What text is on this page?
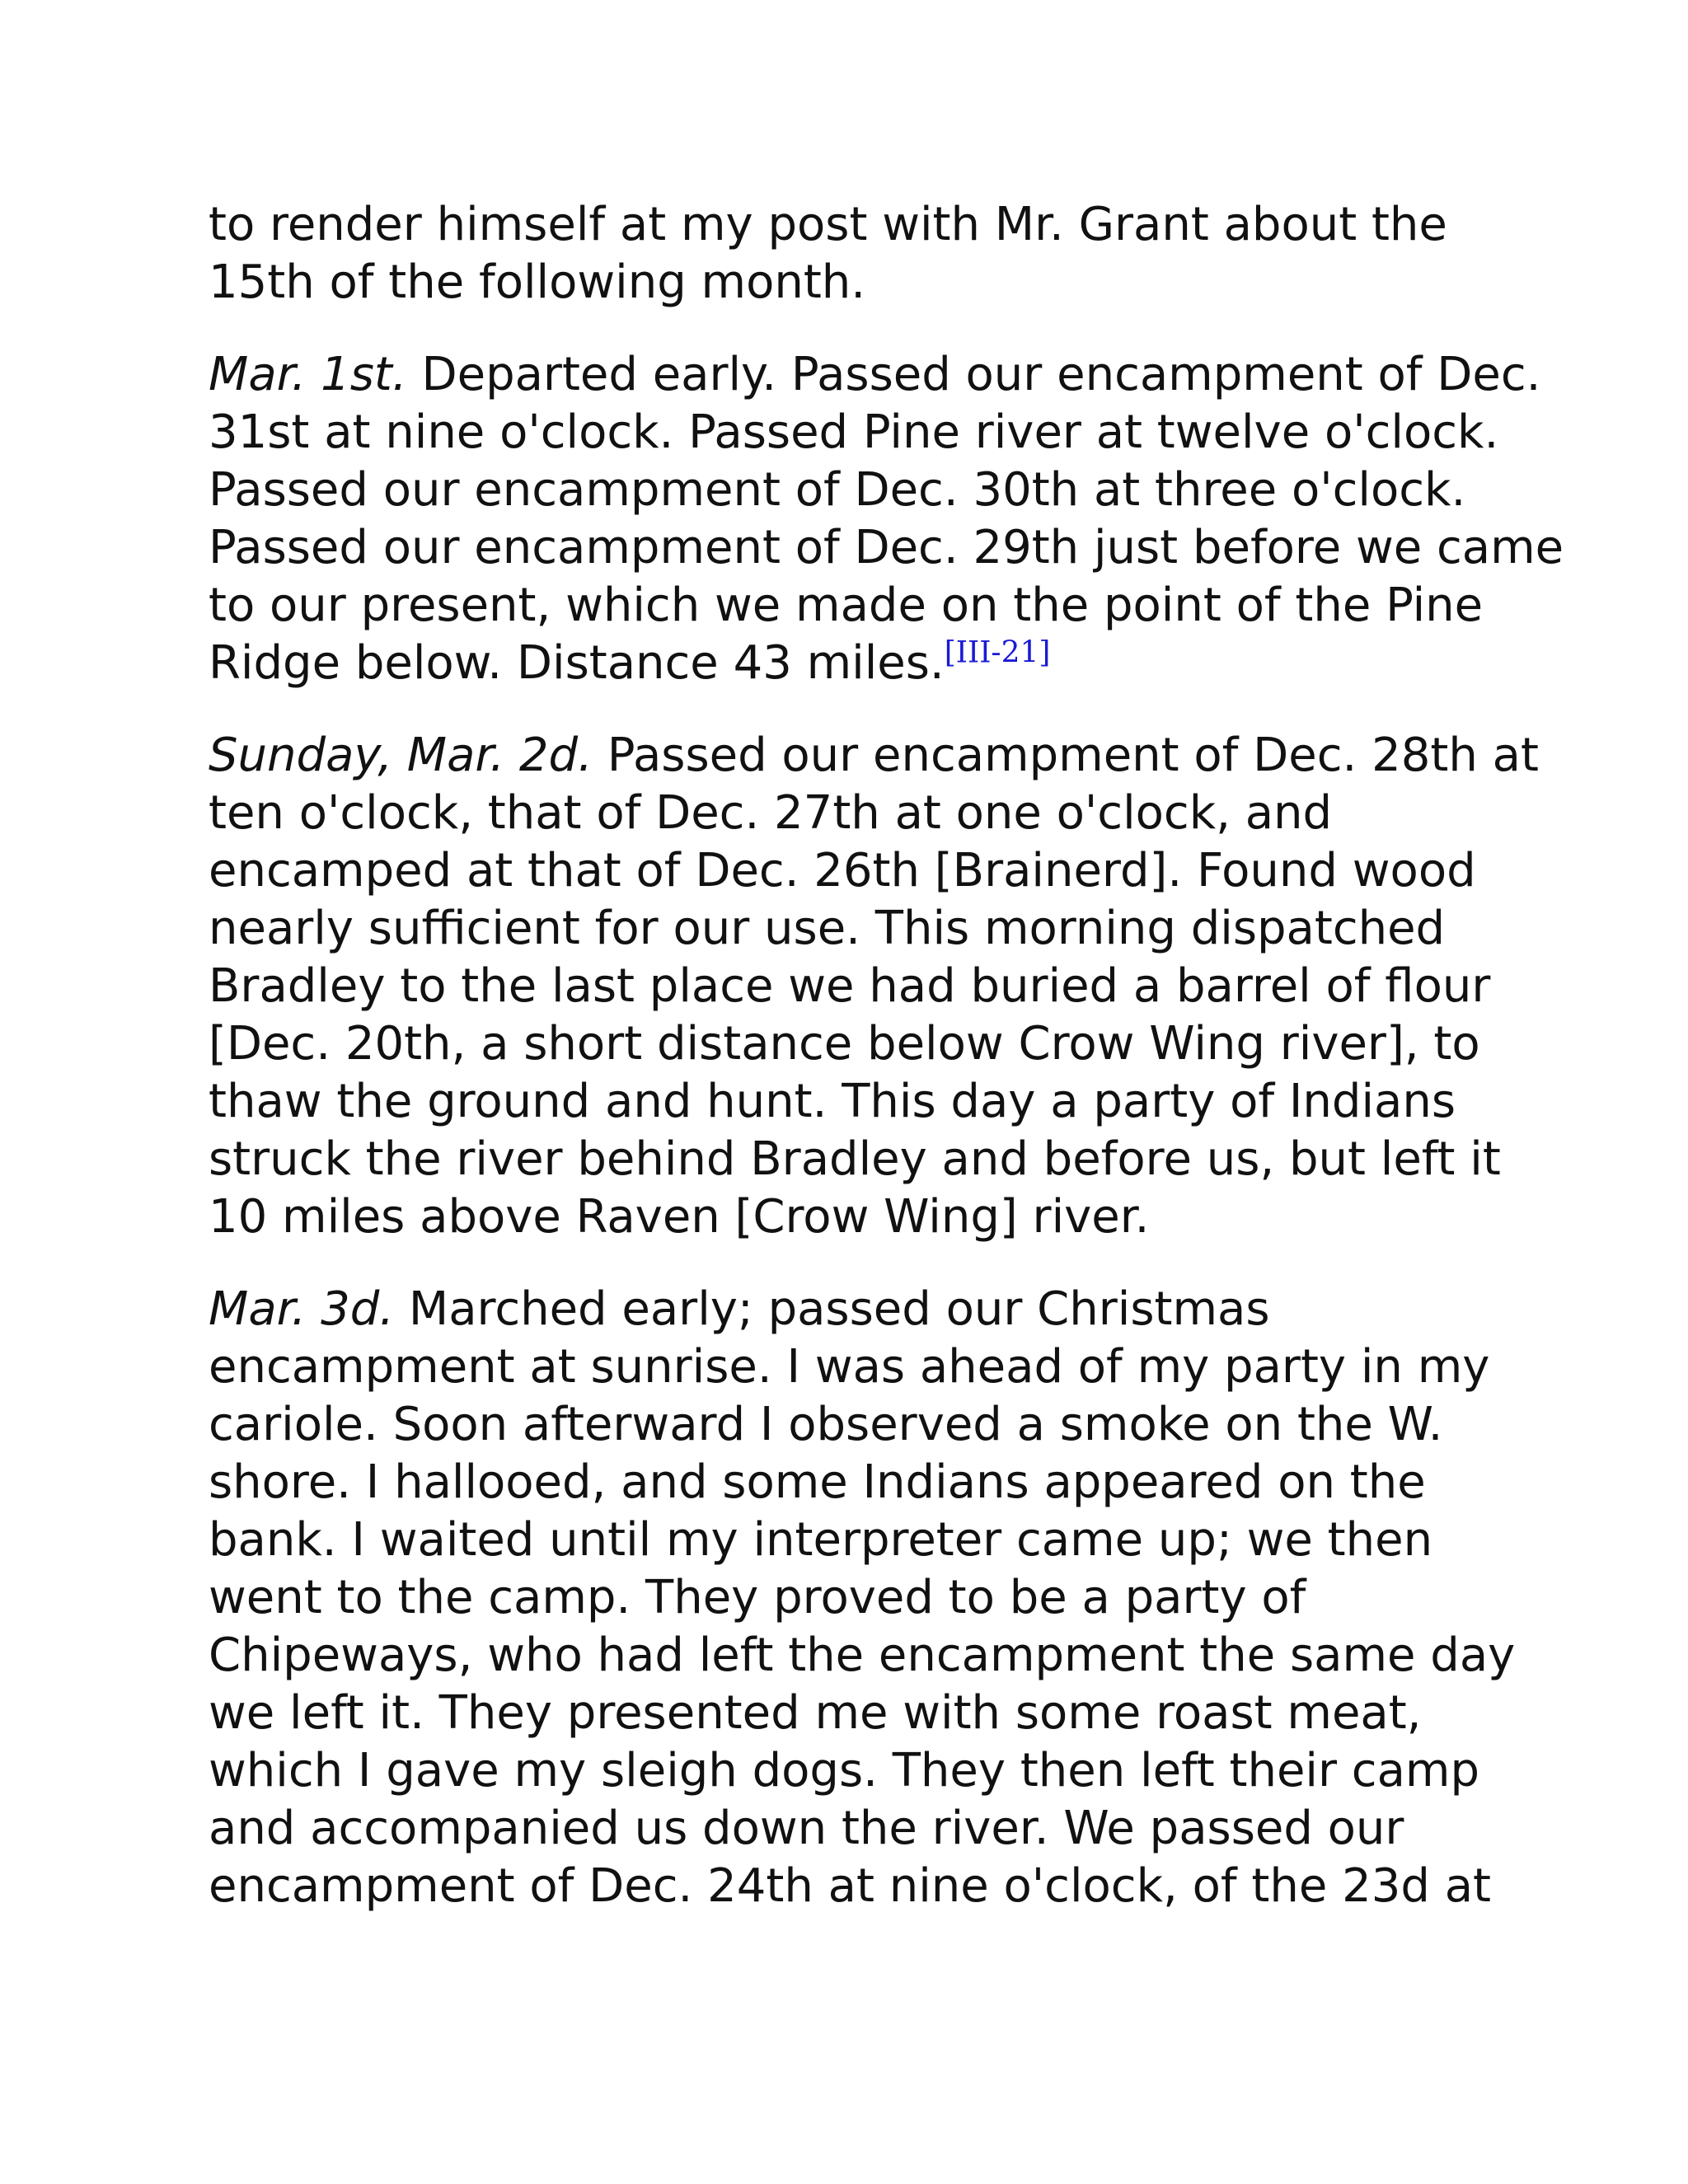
to render himself at my post with Mr. Grant about the
15th of the following month.

Mar. 1st. Departed early. Passed our encampment of Dec.
31st at nine o'clock. Passed Pine river at twelve o'clock.
Passed our encampment of Dec. 30th at three o'clock.
Passed our encampment of Dec. 29th just before we came
to our present, which we made on the point of the Pine
Ridge below. Distance 43 miles.[III-21]

Sunday, Mar. 2d. Passed our encampment of Dec. 28th at
ten o'clock, that of Dec. 27th at one o'clock, and
encamped at that of Dec. 26th [Brainerd]. Found wood
nearly sufficient for our use. This morning dispatched
Bradley to the last place we had buried a barrel of flour
[Dec. 20th, a short distance below Crow Wing river], to
thaw the ground and hunt. This day a party of Indians
struck the river behind Bradley and before us, but left it
10 miles above Raven [Crow Wing] river.

Mar. 3d. Marched early; passed our Christmas
encampment at sunrise. I was ahead of my party in my
cariole. Soon afterward I observed a smoke on the W.
shore. I hallooed, and some Indians appeared on the
bank. I waited until my interpreter came up; we then
went to the camp. They proved to be a party of
Chipeways, who had left the encampment the same day
we left it. They presented me with some roast meat,
which I gave my sleigh dogs. They then left their camp
and accompanied us down the river. We passed our
encampment of Dec. 24th at nine o'clock, of the 23d at
